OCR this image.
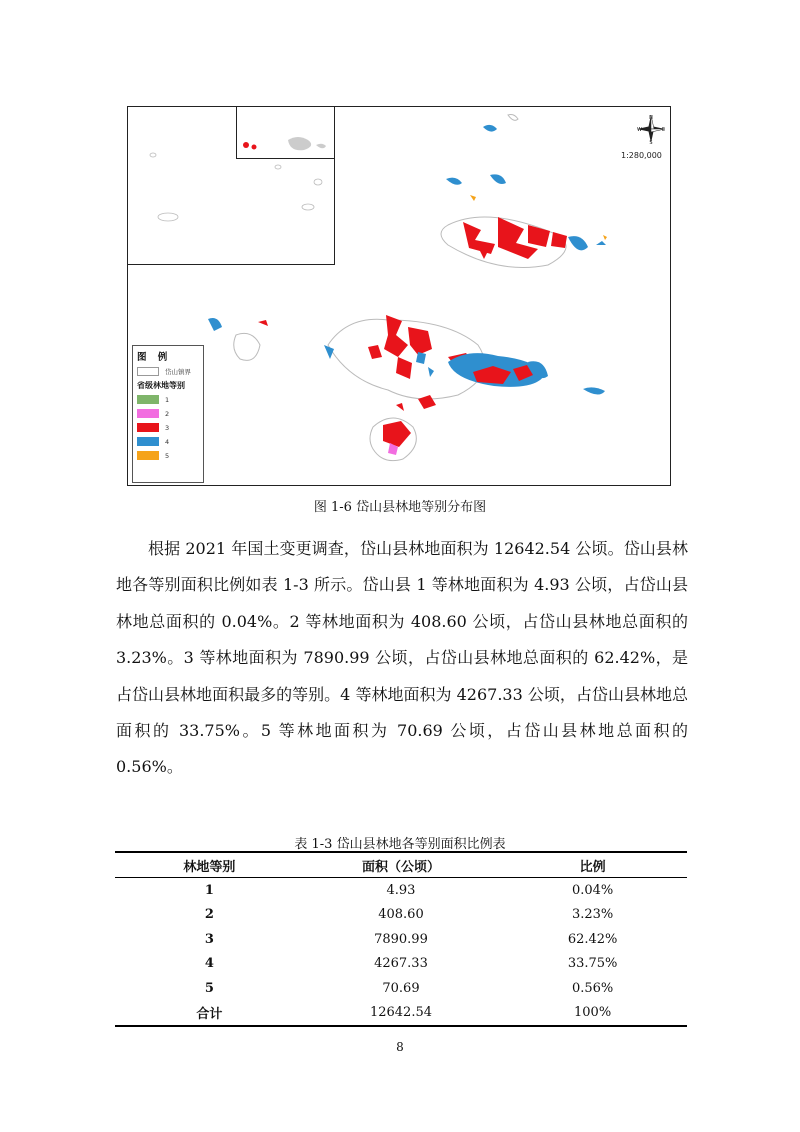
N
W	E
S
1:280,000
图 例
岱山镇界
省级林地等别
1
2
3
4
5
图 1-6 岱山县林地等别分布图

根据 2021 年国土变更调查，岱山县林地面积为 12642.54 公顷。岱山县林地各等别面积比例如表 1-3 所示。岱山县 1 等林地面积为 4.93 公顷，占岱山县林地总面积的 0.04%。2 等林地面积为 408.60 公顷，占岱山县林地总面积的 3.23%。3 等林地面积为 7890.99 公顷，占岱山县林地总面积的 62.42%，是占岱山县林地面积最多的等别。4 等林地面积为 4267.33 公顷，占岱山县林地总面积的 33.75%。5 等林地面积为 70.69 公顷，占岱山县林地总面积的 0.56%。

表 1-3 岱山县林地各等别面积比例表
林地等别	面积（公顷）	比例
1	4.93	0.04%
2	408.60	3.23%
3	7890.99	62.42%
4	4267.33	33.75%
5	70.69	0.56%
合计	12642.54	100%
8
